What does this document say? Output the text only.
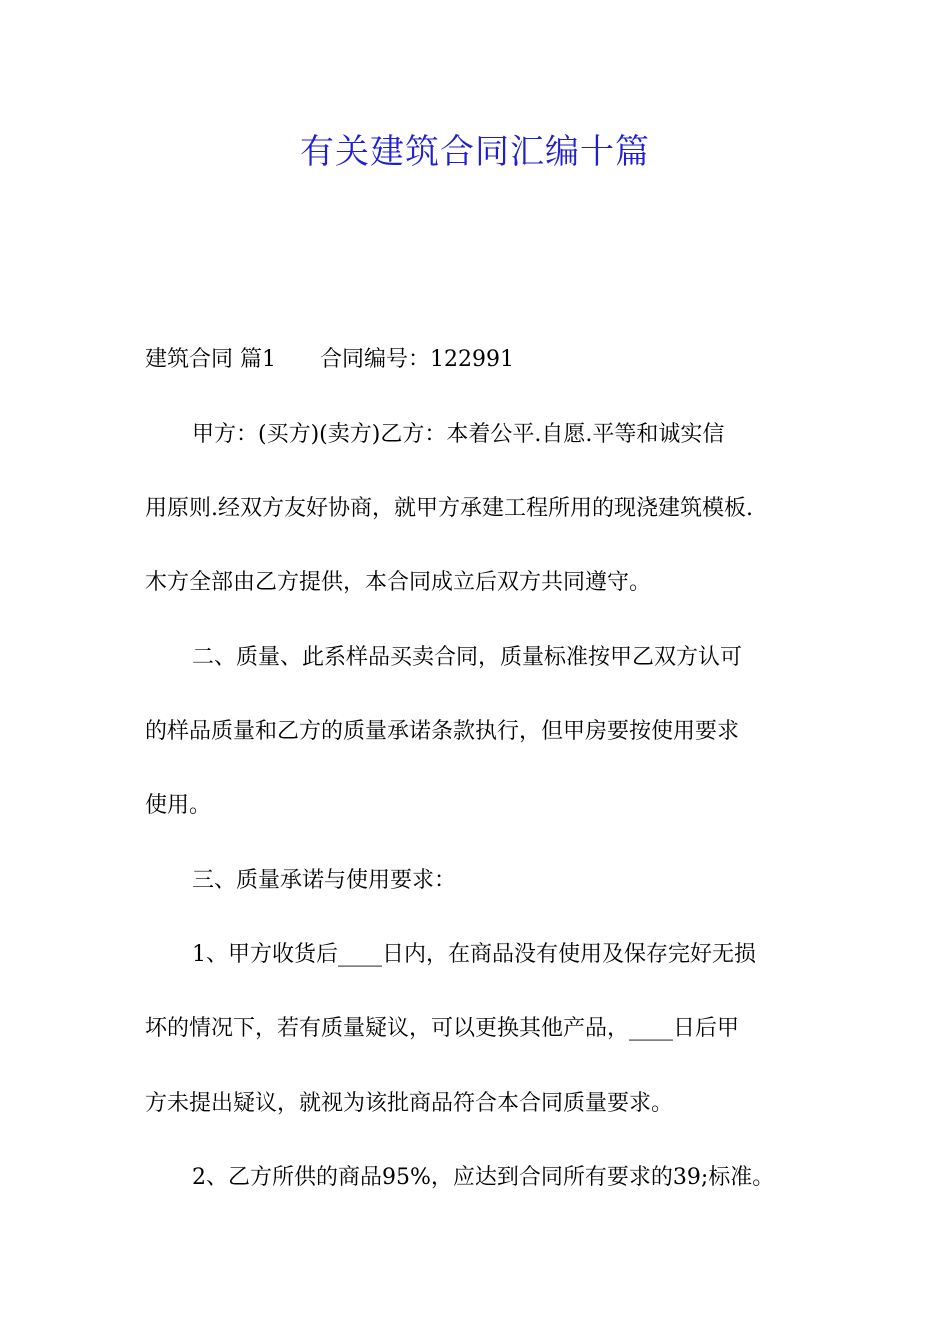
有关建筑合同汇编十篇
建筑合同 篇1 合同编号：122991
甲方：(买方)(卖方)乙方：本着公平.自愿.平等和诚实信
用原则.经双方友好协商，就甲方承建工程所用的现浇建筑模板.
木方全部由乙方提供，本合同成立后双方共同遵守。
二、质量、此系样品买卖合同，质量标准按甲乙双方认可
的样品质量和乙方的质量承诺条款执行，但甲房要按使用要求
使用。
三、质量承诺与使用要求：
1、甲方收货后____日内，在商品没有使用及保存完好无损
坏的情况下，若有质量疑议，可以更换其他产品，____日后甲
方未提出疑议，就视为该批商品符合本合同质量要求。
2、乙方所供的商品95%，应达到合同所有要求的39;标准。
